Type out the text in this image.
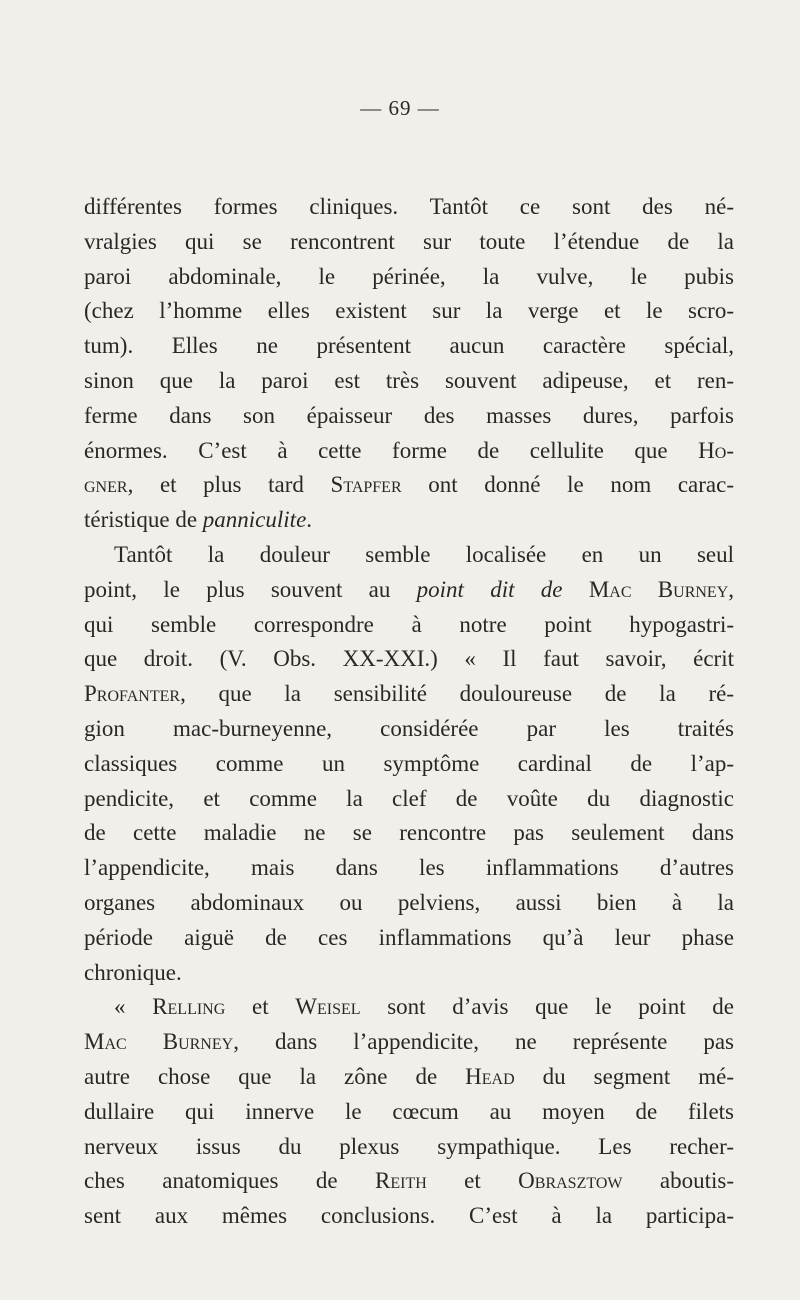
— 69 —
différentes formes cliniques. Tantôt ce sont des né-
vralgies qui se rencontrent sur toute l’étendue de la
paroi abdominale, le périnée, la vulve, le pubis
(chez l’homme elles existent sur la verge et le scro-
tum). Elles ne présentent aucun caractère spécial,
sinon que la paroi est très souvent adipeuse, et ren-
ferme dans son épaisseur des masses dures, parfois
énormes. C’est à cette forme de cellulite que Ho-
gner, et plus tard Stapfer ont donné le nom carac-
téristique de panniculite.
Tantôt la douleur semble localisée en un seul
point, le plus souvent au point dit de Mac Burney,
qui semble correspondre à notre point hypogastri-
que droit. (V. Obs. XX-XXI.) « Il faut savoir, écrit
Profanter, que la sensibilité douloureuse de la ré-
gion mac-burneyenne, considérée par les traités
classiques comme un symptôme cardinal de l’ap-
pendicite, et comme la clef de voûte du diagnostic
de cette maladie ne se rencontre pas seulement dans
l’appendicite, mais dans les inflammations d’autres
organes abdominaux ou pelviens, aussi bien à la
période aiguë de ces inflammations qu’à leur phase
chronique.
« Relling et Weisel sont d’avis que le point de
Mac Burney, dans l’appendicite, ne représente pas
autre chose que la zône de Head du segment mé-
dullaire qui innerve le cœcum au moyen de filets
nerveux issus du plexus sympathique. Les recher-
ches anatomiques de Reith et Obrasztow aboutis-
sent aux mêmes conclusions. C’est à la participa-
